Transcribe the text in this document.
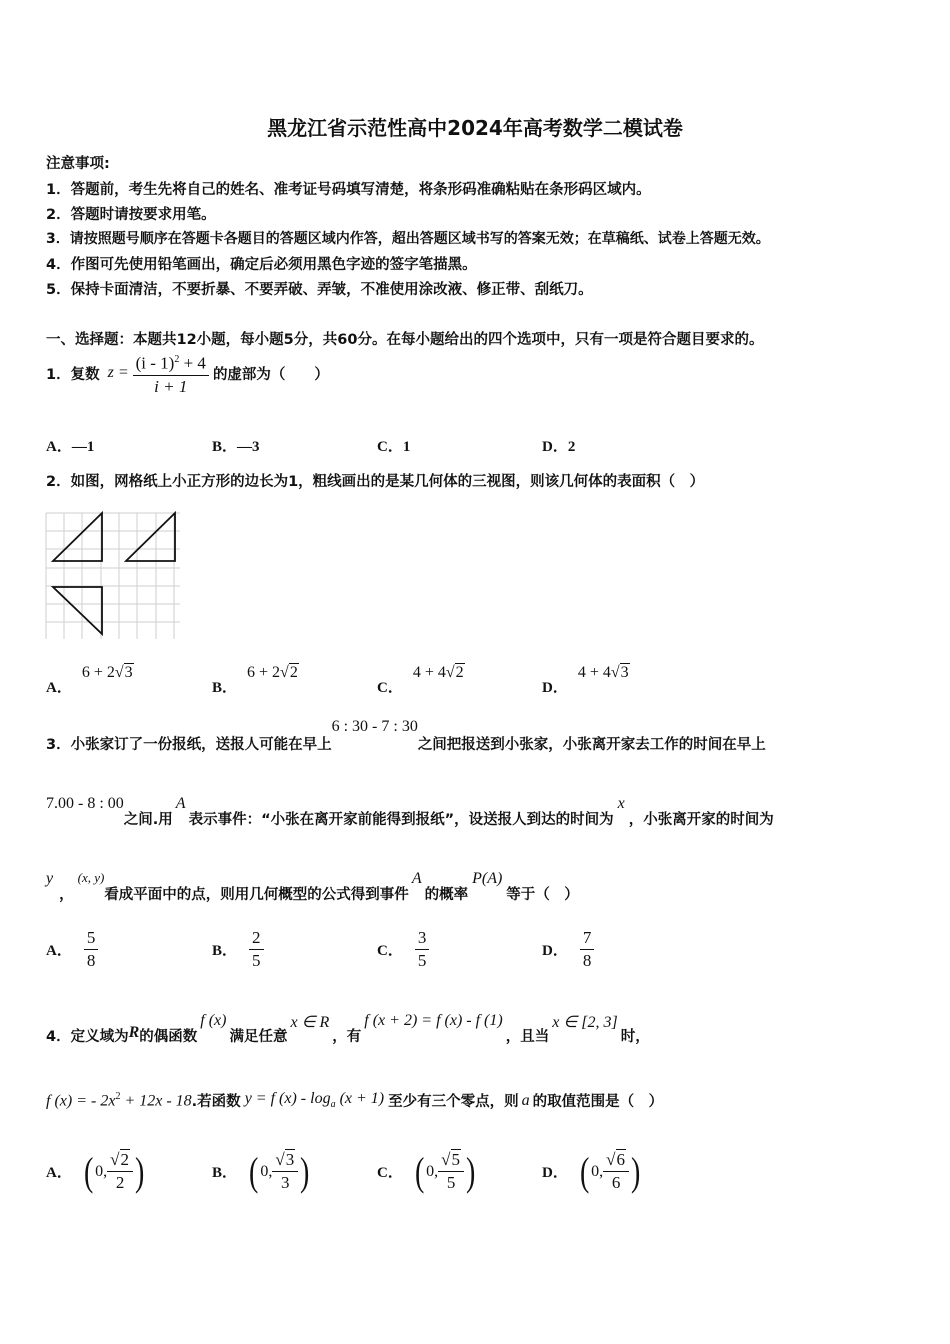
黑龙江省示范性高中2024年高考数学二模试卷
注意事项:
1．答题前，考生先将自己的姓名、准考证号码填写清楚，将条形码准确粘贴在条形码区域内。
2．答题时请按要求用笔。
3．请按照题号顺序在答题卡各题目的答题区域内作答，超出答题区域书写的答案无效；在草稿纸、试卷上答题无效。
4．作图可先使用铅笔画出，确定后必须用黑色字迹的签字笔描黑。
5．保持卡面清洁，不要折暴、不要弄破、弄皱，不准使用涂改液、修正带、刮纸刀。
一、选择题：本题共12小题，每小题5分，共60分。在每小题给出的四个选项中，只有一项是符合题目要求的。
1．复数 $z = \frac{(i - 1)^2 + 4}{i + 1}$ 的虚部为（　　）
A．—1	B．—3	C．1	D．2
2．如图，网格纸上小正方形的边长为1，粗线画出的是某几何体的三视图，则该几何体的表面积（　）
A．
6 + 2√3
B．
6 + 2√2
C．
4 + 4√2
D．
4 + 4√3
3．小张家订了一份报纸，送报人可能在早上
6 : 30 - 7 : 30
之间把报送到小张家，小张离开家去工作的时间在早上
7.00 - 8 : 00
之间.用
A
表示事件：“小张在离开家前能得到报纸”，设送报人到达的时间为
x
，小张离开家的时间为
y
，
(x, y)
看成平面中的点，则用几何概型的公式得到事件
A
的概率
P(A)
等于（　）
A． $\frac{5}{8}$	B． $\frac{2}{5}$	C． $\frac{3}{5}$	D． $\frac{7}{8}$
4．定义域为 R 的偶函数
f (x)
满足任意
x ∈ R
，有
f (x + 2) = f (x) - f (1)
，且当
x ∈ [2, 3]
时，
f (x) = - $2x^2 + 12x - 18$ .若函数 y = f $(x) - \log_a (x + 1)$ 至少有三个零点，则 a 的取值范围是（　）
A． ( 0, $\frac{√2}{2}$ )	B． ( 0, $\frac{√3}{3}$ )	C． ( 0, $\frac{√5}{5}$ )	D． ( 0, $\frac{√6}{6}$ )
